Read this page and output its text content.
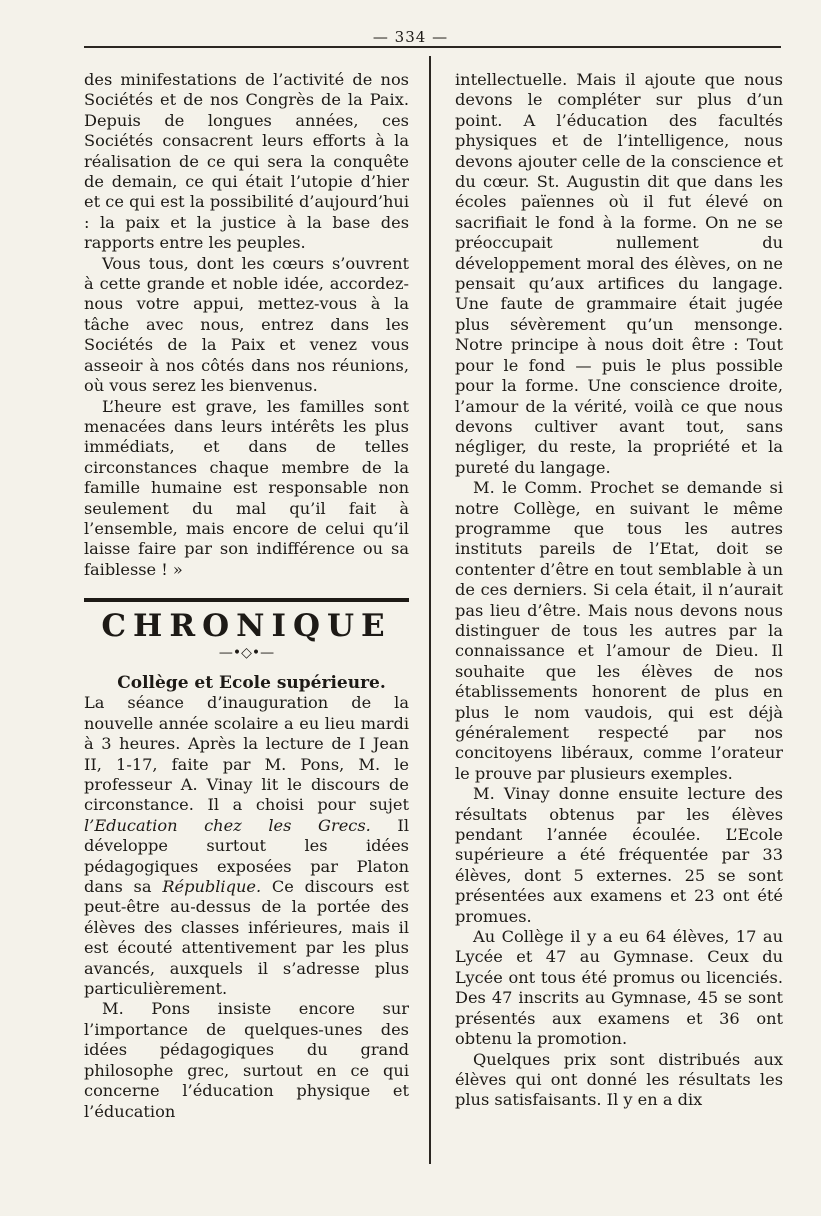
— 334 —

des minifestations de l’activité de nos Sociétés et de nos Congrès de la Paix. Depuis de longues années, ces Sociétés consacrent leurs efforts à la réalisation de ce qui sera la conquête de demain, ce qui était l’utopie d’hier et ce qui est la possibilité d’aujourd’hui : la paix et la justice à la base des rapports entre les peuples.

Vous tous, dont les cœurs s’ouvrent à cette grande et noble idée, accordez-nous votre appui, mettez-vous à la tâche avec nous, entrez dans les Sociétés de la Paix et venez vous asseoir à nos côtés dans nos réunions, où vous serez les bienvenus.

L’heure est grave, les familles sont menacées dans leurs intérêts les plus immédiats, et dans de telles circonstances chaque membre de la famille humaine est responsable non seulement du mal qu’il fait à l’ensemble, mais encore de celui qu’il laisse faire par son indifférence ou sa faiblesse ! »

CHRONIQUE
—•◇•—

Collège et Ecole supérieure.

La séance d’inauguration de la nouvelle année scolaire a eu lieu mardi à 3 heures. Après la lecture de I Jean II, 1-17, faite par M. Pons, M. le professeur A. Vinay lit le discours de circonstance. Il a choisi pour sujet l’Education chez les Grecs. Il développe surtout les idées pédagogiques exposées par Platon dans sa République. Ce discours est peut-être au-dessus de la portée des élèves des classes inférieures, mais il est écouté attentivement par les plus avancés, auxquels il s’adresse plus particulièrement.

M. Pons insiste encore sur l’importance de quelques-unes des idées pédagogiques du grand philosophe grec, surtout en ce qui concerne l’éducation physique et l’éducation

intellectuelle. Mais il ajoute que nous devons le compléter sur plus d’un point. A l’éducation des facultés physiques et de l’intelligence, nous devons ajouter celle de la conscience et du cœur. St. Augustin dit que dans les écoles païennes où il fut élevé on sacrifiait le fond à la forme. On ne se préoccupait nullement du développement moral des élèves, on ne pensait qu’aux artifices du langage. Une faute de grammaire était jugée plus sévèrement qu’un mensonge. Notre principe à nous doit être : Tout pour le fond — puis le plus possible pour la forme. Une conscience droite, l’amour de la vérité, voilà ce que nous devons cultiver avant tout, sans négliger, du reste, la propriété et la pureté du langage.

M. le Comm. Prochet se demande si notre Collège, en suivant le même programme que tous les autres instituts pareils de l’Etat, doit se contenter d’être en tout semblable à un de ces derniers. Si cela était, il n’aurait pas lieu d’être. Mais nous devons nous distinguer de tous les autres par la connaissance et l’amour de Dieu. Il souhaite que les élèves de nos établissements honorent de plus en plus le nom vaudois, qui est déjà généralement respecté par nos concitoyens libéraux, comme l’orateur le prouve par plusieurs exemples.

M. Vinay donne ensuite lecture des résultats obtenus par les élèves pendant l’année écoulée. L’Ecole supérieure a été fréquentée par 33 élèves, dont 5 externes. 25 se sont présentées aux examens et 23 ont été promues.

Au Collège il y a eu 64 élèves, 17 au Lycée et 47 au Gymnase. Ceux du Lycée ont tous été promus ou licenciés. Des 47 inscrits au Gymnase, 45 se sont présentés aux examens et 36 ont obtenu la promotion.

Quelques prix sont distribués aux élèves qui ont donné les résultats les plus satisfaisants. Il y en a dix
